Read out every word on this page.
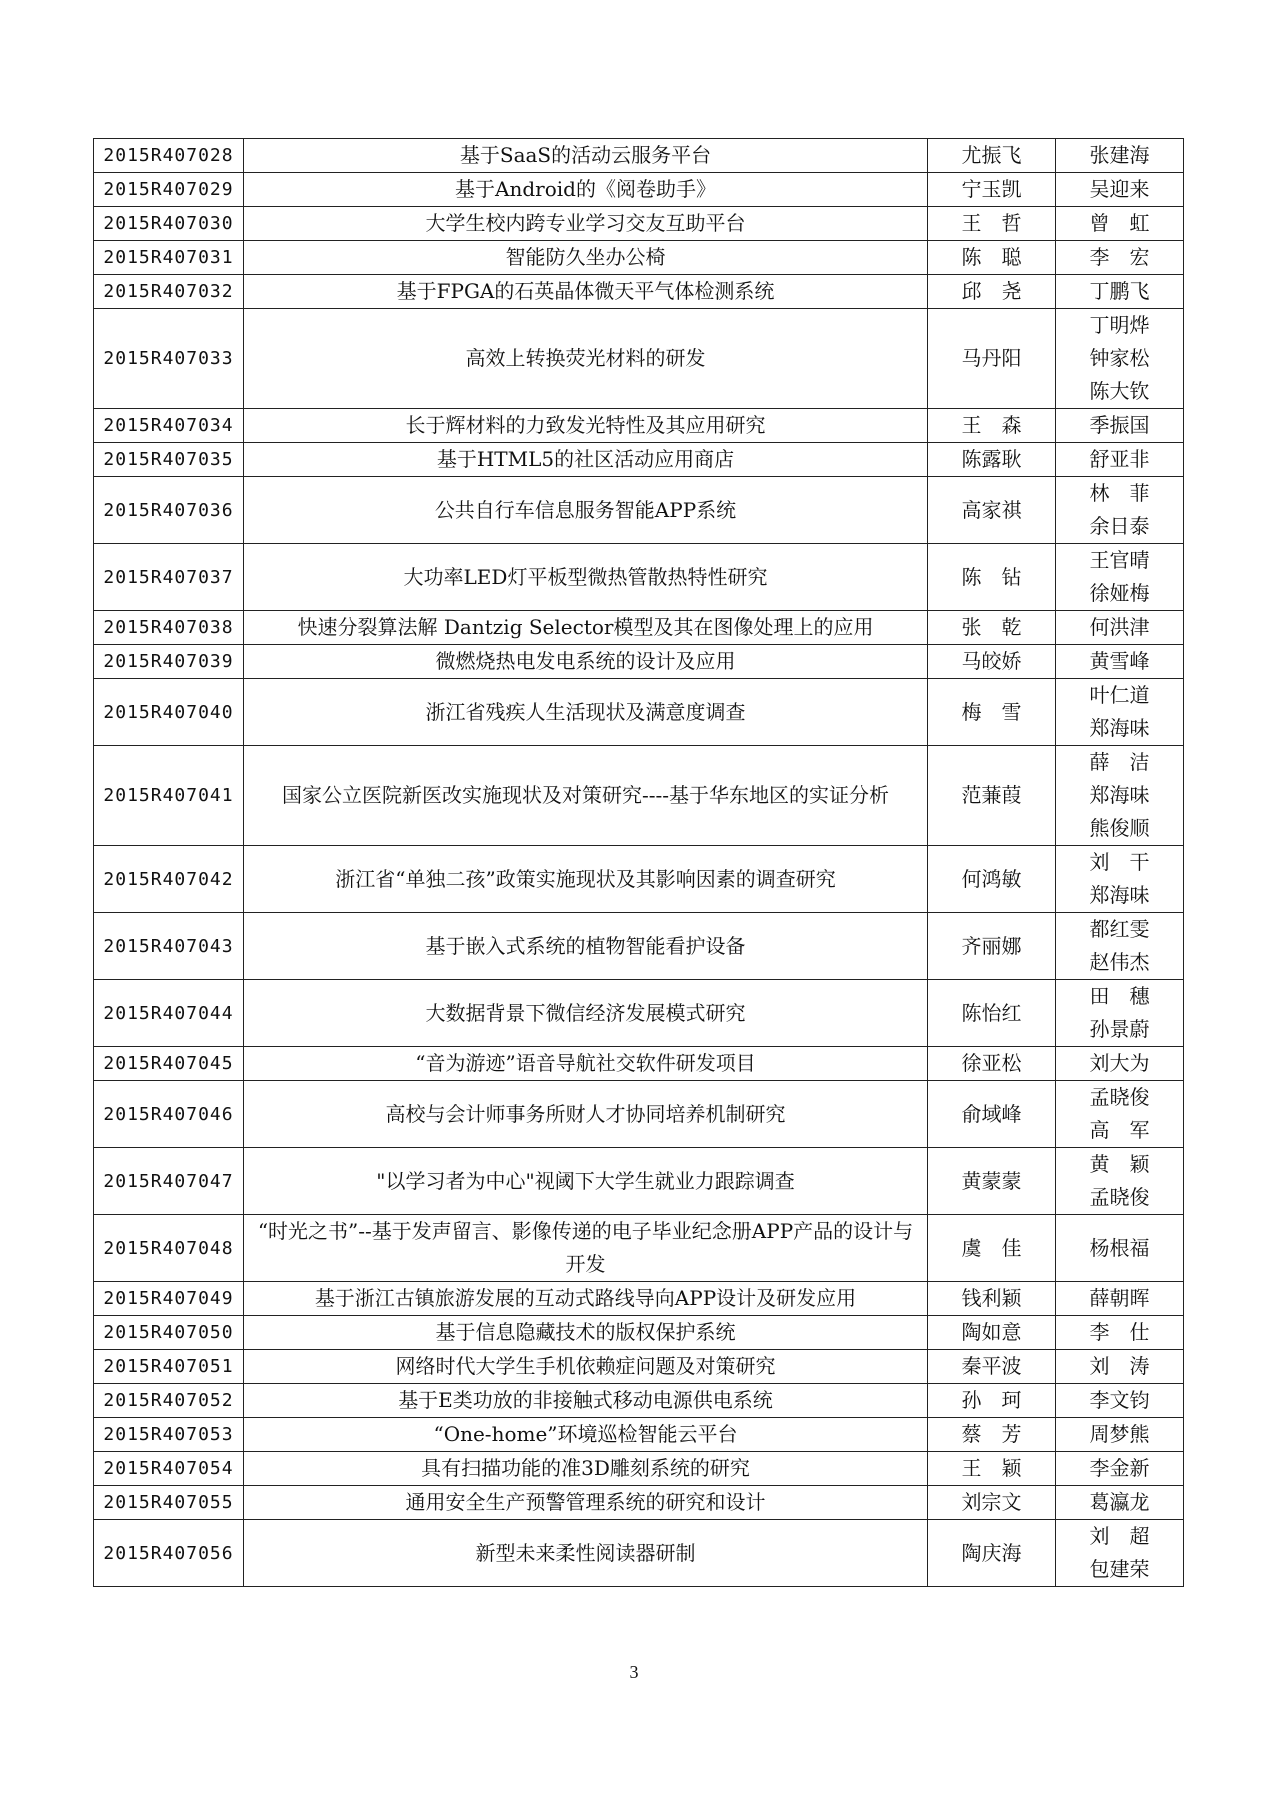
2015R407028	基于SaaS的活动云服务平台	尤振飞	张建海

2015R407029	基于Android的《阅卷助手》	宁玉凯	吴迎来

2015R407030	大学生校内跨专业学习交友互助平台	王　哲	曾　虹

2015R407031	智能防久坐办公椅	陈　聪	李　宏

2015R407032	基于FPGA的石英晶体微天平气体检测系统	邱　尧	丁鹏飞

2015R407033	高效上转换荧光材料的研发	马丹阳	丁明烨
钟家松
陈大钦

2015R407034	长于辉材料的力致发光特性及其应用研究	王　森	季振国

2015R407035	基于HTML5的社区活动应用商店	陈露耿	舒亚非

2015R407036	公共自行车信息服务智能APP系统	高家祺	林　菲
余日泰

2015R407037	大功率LED灯平板型微热管散热特性研究	陈　钻	王官晴
徐娅梅

2015R407038	快速分裂算法解 Dantzig Selector模型及其在图像处理上的应用	张　乾	何洪津

2015R407039	微燃烧热电发电系统的设计及应用	马皎娇	黄雪峰

2015R407040	浙江省残疾人生活现状及满意度调查	梅　雪	叶仁道
郑海味

2015R407041	国家公立医院新医改实施现状及对策研究----基于华东地区的实证分析	范蒹葭	薛　洁
郑海味
熊俊顺

2015R407042	浙江省“单独二孩”政策实施现状及其影响因素的调查研究	何鸿敏	刘　干
郑海味

2015R407043	基于嵌入式系统的植物智能看护设备	齐丽娜	都红雯
赵伟杰

2015R407044	大数据背景下微信经济发展模式研究	陈怡红	田　穗
孙景蔚

2015R407045	“音为游迹”语音导航社交软件研发项目	徐亚松	刘大为

2015R407046	高校与会计师事务所财人才协同培养机制研究	俞域峰	孟晓俊
高　军

2015R407047	"以学习者为中心"视阈下大学生就业力跟踪调查	黄蒙蒙	黄　颖
孟晓俊

2015R407048	“时光之书”--基于发声留言、影像传递的电子毕业纪念册APP产品的设计与开发	虞　佳	杨根福

2015R407049	基于浙江古镇旅游发展的互动式路线导向APP设计及研发应用	钱利颖	薛朝晖

2015R407050	基于信息隐藏技术的版权保护系统	陶如意	李　仕

2015R407051	网络时代大学生手机依赖症问题及对策研究	秦平波	刘　涛

2015R407052	基于E类功放的非接触式移动电源供电系统	孙　珂	李文钧

2015R407053	“One-home”环境巡检智能云平台	蔡　芳	周梦熊

2015R407054	具有扫描功能的准3D雕刻系统的研究	王　颖	李金新

2015R407055	通用安全生产预警管理系统的研究和设计	刘宗文	葛瀛龙

2015R407056	新型未来柔性阅读器研制	陶庆海	刘　超
包建荣
3
